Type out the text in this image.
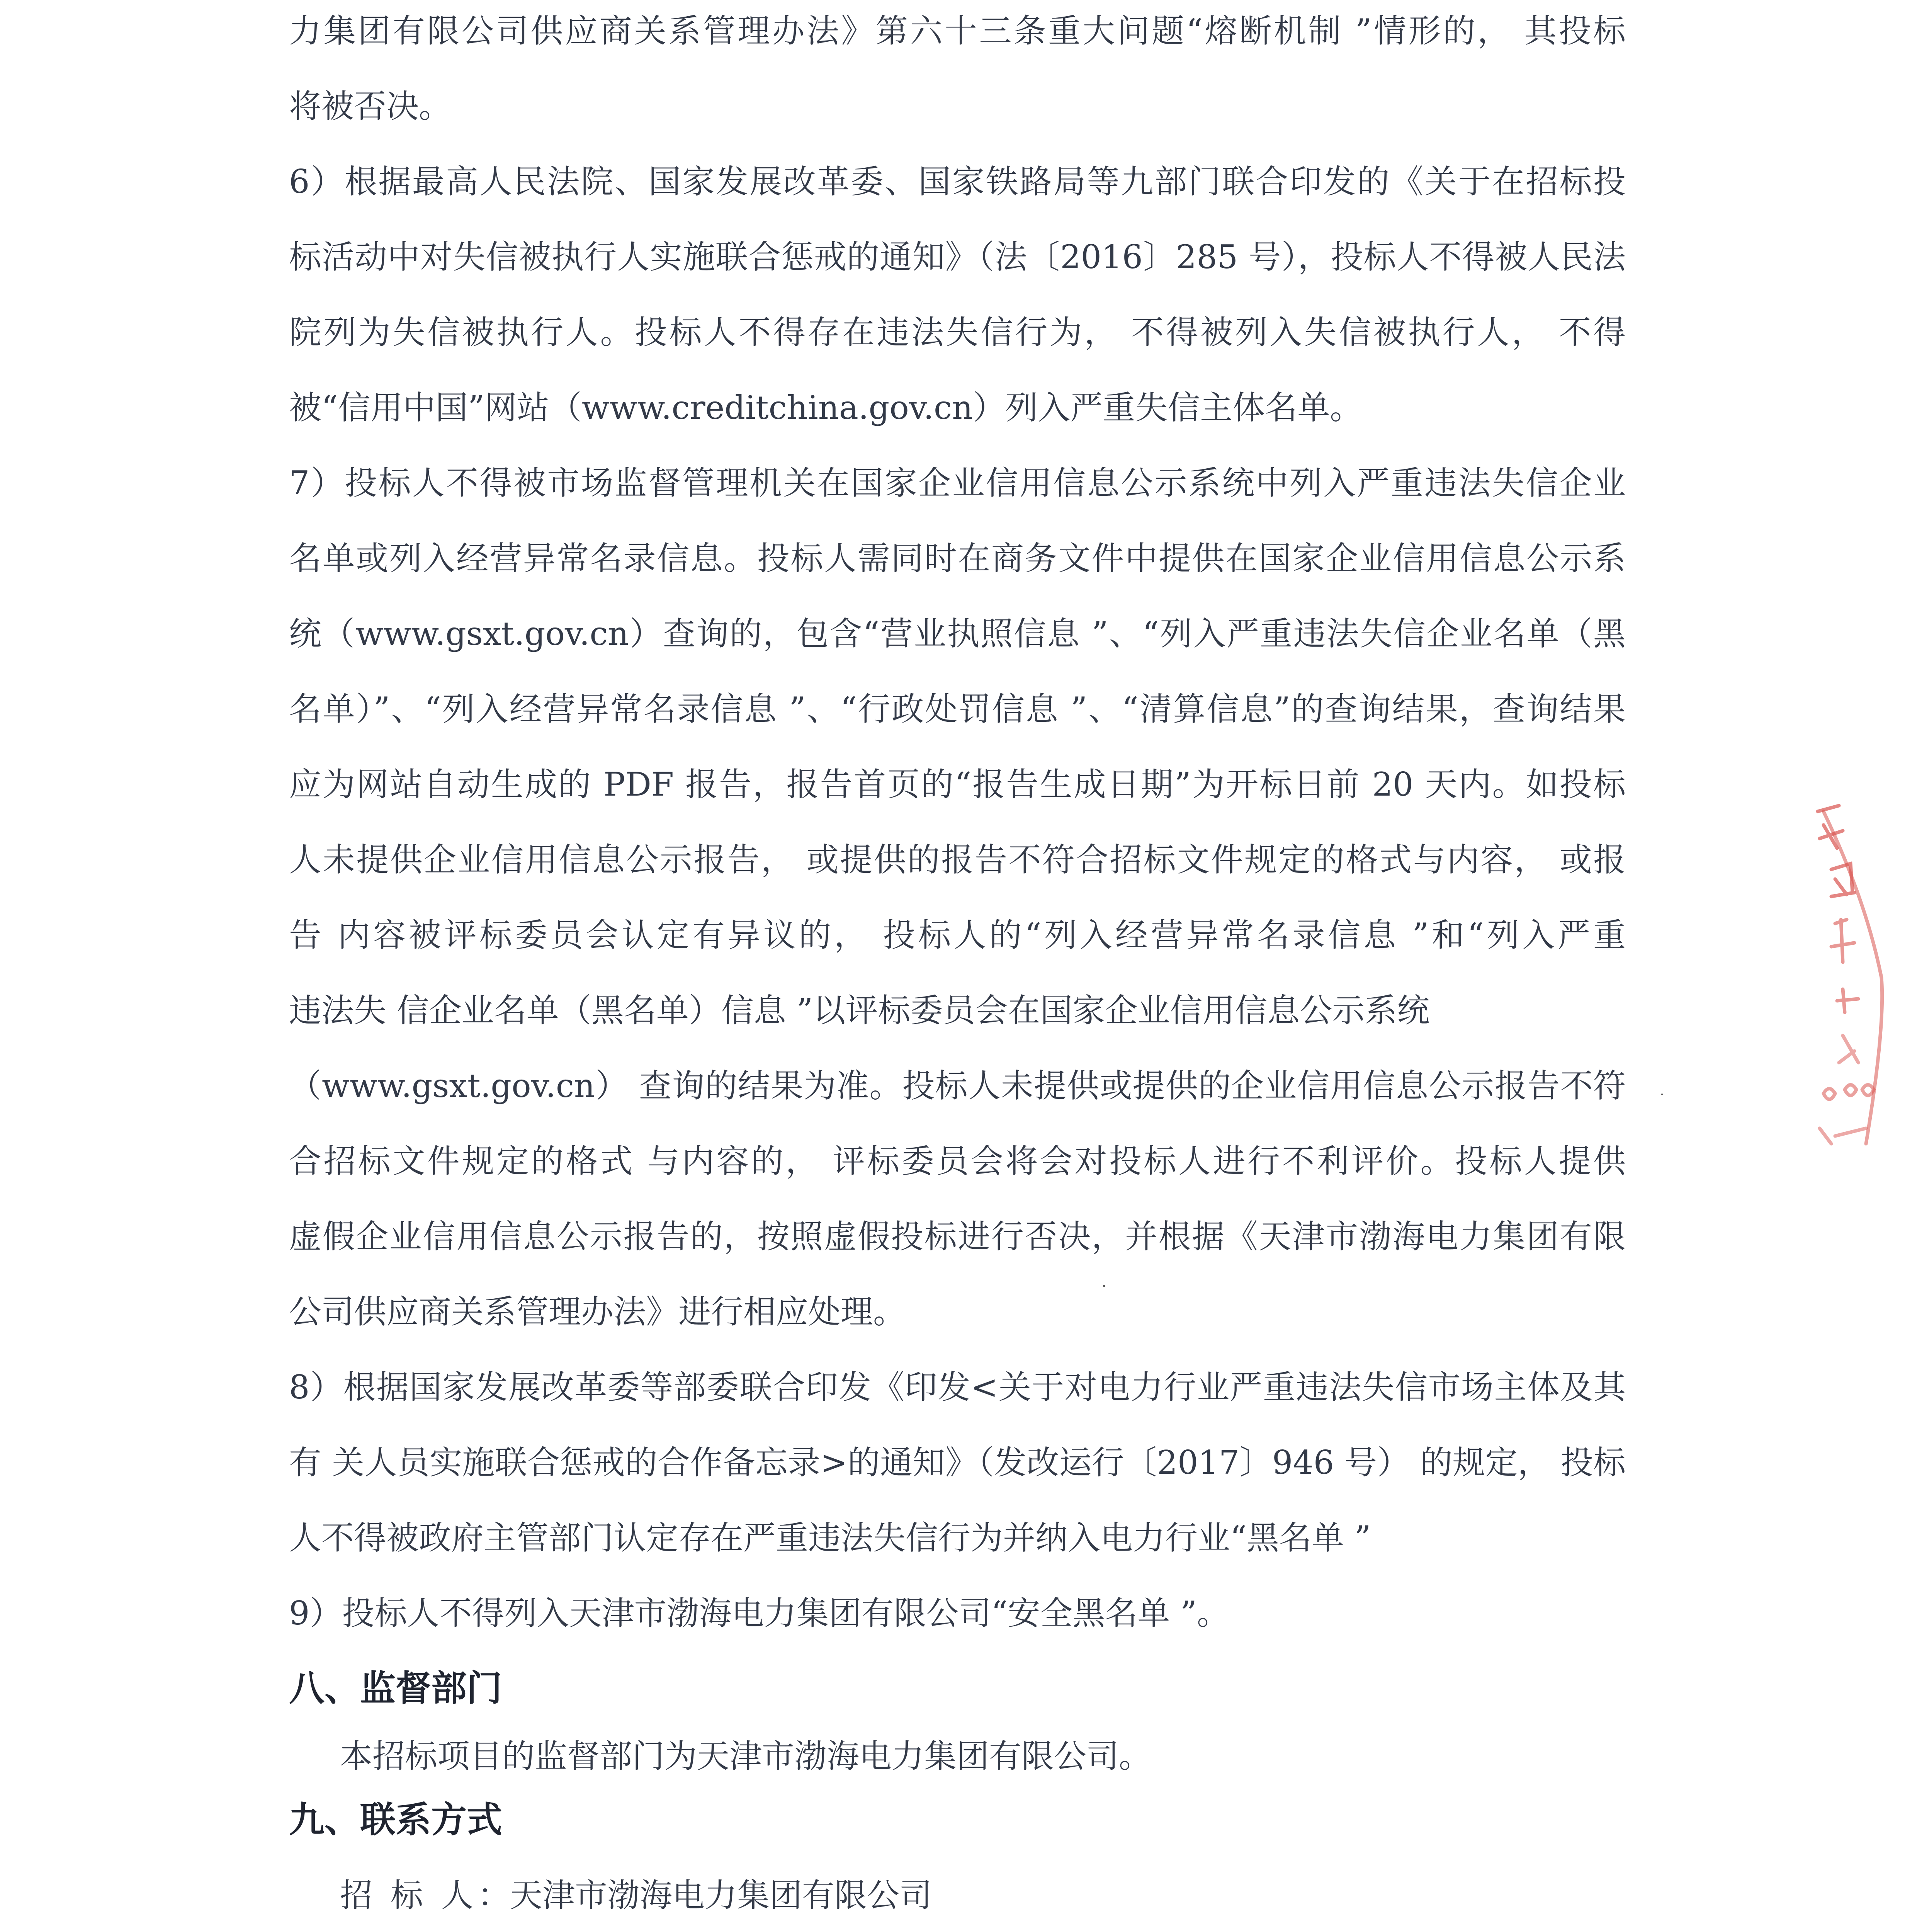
力集团有限公司供应商关系管理办法》第六十三条重大问题“熔断机制 ”情形的， 其投标

将被否决。

6）根据最高人民法院、国家发展改革委、国家铁路局等九部门联合印发的《关于在招标投

标活动中对失信被执行人实施联合惩戒的通知》（法〔2016〕285 号），投标人不得被人民法

院列为失信被执行人。投标人不得存在违法失信行为， 不得被列入失信被执行人， 不得

被“信用中国”网站（www.creditchina.gov.cn）列入严重失信主体名单。

7）投标人不得被市场监督管理机关在国家企业信用信息公示系统中列入严重违法失信企业

名单或列入经营异常名录信息。投标人需同时在商务文件中提供在国家企业信用信息公示系

统（www.gsxt.gov.cn）查询的，包含“营业执照信息 ”、“列入严重违法失信企业名单（黑

名单）”、“列入经营异常名录信息 ”、“行政处罚信息 ”、“清算信息”的查询结果，查询结果

应为网站自动生成的 PDF 报告，报告首页的“报告生成日期”为开标日前 20 天内。如投标

人未提供企业信用信息公示报告， 或提供的报告不符合招标文件规定的格式与内容， 或报

告 内容被评标委员会认定有异议的， 投标人的“列入经营异常名录信息 ”和“列入严重

违法失 信企业名单（黑名单）信息 ”以评标委员会在国家企业信用信息公示系统

（www.gsxt.gov.cn） 查询的结果为准。投标人未提供或提供的企业信用信息公示报告不符

合招标文件规定的格式 与内容的， 评标委员会将会对投标人进行不利评价。投标人提供

虚假企业信用信息公示报告的，按照虚假投标进行否决，并根据《天津市渤海电力集团有限

公司供应商关系管理办法》进行相应处理。

8）根据国家发展改革委等部委联合印发《印发<关于对电力行业严重违法失信市场主体及其

有 关人员实施联合惩戒的合作备忘录>的通知》（发改运行〔2017〕946 号） 的规定， 投标

人不得被政府主管部门认定存在严重违法失信行为并纳入电力行业“黑名单 ”

9）投标人不得列入天津市渤海电力集团有限公司“安全黑名单 ”。

八、监督部门

本招标项目的监督部门为天津市渤海电力集团有限公司。

九、联系方式
招 标 人：天津市渤海电力集团有限公司
